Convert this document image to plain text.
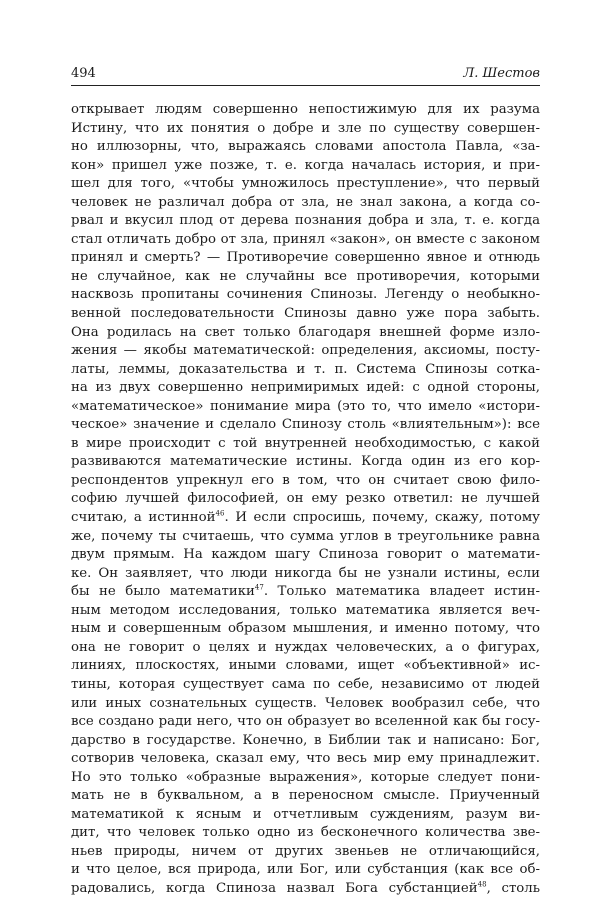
494	Л. Шестов
открывает людям совершенно непостижимую для их разума
Истину, что их понятия о добре и зле по существу совершен-
но иллюзорны, что, выражаясь словами апостола Павла, «за-
кон» пришел уже позже, т. е. когда началась история, и при-
шел для того, «чтобы умножилось преступление», что первый
человек не различал добра от зла, не знал закона, а когда со-
рвал и вкусил плод от дерева познания добра и зла, т. е. когда
стал отличать добро от зла, принял «закон», он вместе с законом
принял и смерть? — Противоречие совершенно явное и отнюдь
не случайное, как не случайны все противоречия, которыми
насквозь пропитаны сочинения Спинозы. Легенду о необыкно-
венной последовательности Спинозы давно уже пора забыть.
Она родилась на свет только благодаря внешней форме изло-
жения — якобы математической: определения, аксиомы, посту-
латы, леммы, доказательства и т. п. Система Спинозы соткa-
на из двух совершенно непримиримых идей: с одной стороны,
«математическое» понимание мира (это то, что имело «истори-
ческое» значение и сделало Спинозу столь «влиятельным»): все
в мире происходит с той внутренней необходимостью, с какой
развиваются математические истины. Когда один из его кор-
респондентов упрекнул его в том, что он считает свою фило-
софию лучшей философией, он ему резко ответил: не лучшей
считаю, а истинной$^{46}$. И если спросишь, почему, скажу, потому
же, почему ты считаешь, что сумма углов в треугольнике равна
двум прямым. На каждом шагу Спиноза говорит о математи-
ке. Он заявляет, что люди никогда бы не узнали истины, если
бы не было математики$^{47}$. Только математика владеет истин-
ным методом исследования, только математика является веч-
ным и совершенным образом мышления, и именно потому, что
она не говорит о целях и нуждах человеческих, а о фигурах,
линиях, плоскостях, иными словами, ищет «объективной» ис-
тины, которая существует сама по себе, независимо от людей
или иных сознательных существ. Человек вообразил себе, что
все создано ради него, что он образует во вселенной как бы госу-
дарство в государстве. Конечно, в Библии так и написано: Бог,
сотворив человека, сказал ему, что весь мир ему принадлежит.
Но это только «образные выражения», которые следует пони-
мать не в буквальном, а в переносном смысле. Приученный
математикой к ясным и отчетливым суждениям, разум ви-
дит, что человек только одно из бесконечного количества зве-
ньев природы, ничем от других звеньев не отличающийся,
и что целое, вся природа, или Бог, или субстанция (как все об-
радовались, когда Спиноза назвал Бога субстанцией$^{48}$, столь
